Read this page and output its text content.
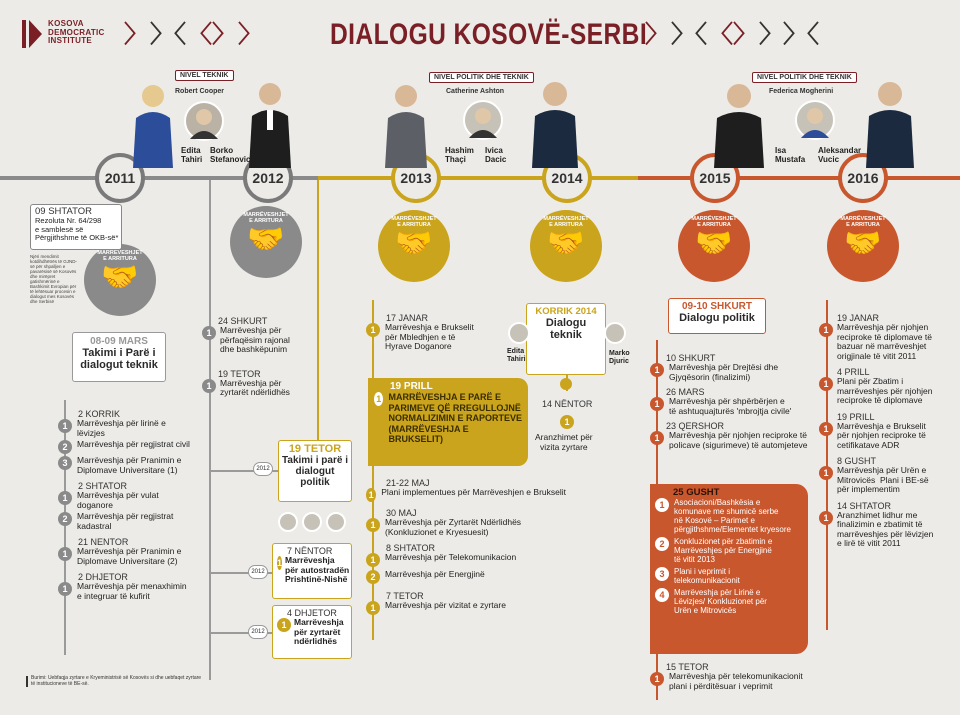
KOSOVA
DEMOCRATIC
INSTITUTE	〉 〉〈 〈〉 〉 DIALOGU KOSOVË-SERBI
〉 〉〈 〈〉 〉 〉〈
2011	2012	2013	2014	2015	2016
NIVEL TEKNIK
Robert Cooper
Edita
Tahiri
Borko
Stefanovic
NIVEL POLITIK DHE TEKNIK
Catherine Ashton
Hashim
Thaçi
Ivica
Dacic
NIVEL POLITIK DHE TEKNIK
Federica Mogherini
Isa
Mustafa
Aleksandar
Vucic
MARRËVESHJET
E ARRITURA
🤝
MARRËVESHJET
E ARRITURA
🤝
MARRËVESHJET
E ARRITURA
🤝
MARRËVESHJET
E ARRITURA
🤝
MARRËVESHJET
E ARRITURA
🤝
MARRËVESHJET
E ARRITURA
🤝
09 SHTATOR
Rezoluta Nr. 64/298
e samblesë së
Përgjithshme të OKB-së*
Njëri mendimit kotdihdhëtrës të GJND-së për shpalljen e pavarësisë së Kosovës dhe mirëpret gatishmërinë e Bashkimit Evropian për të lehtësuar procesin e dialogut mes Kosovës dhe Serbisë
08-09 MARS
Takimi i Parë i
dialogut teknik
2 KORRIK
1	Marrëveshja për lirinë e
lëvizjes
2	Marrëveshja për regjistrat civil
3	Marrëveshja për Pranimin e
Diplomave Universitare (1)
2 SHTATOR
1	Marrëveshja për vulat
doganore
2	Marrëveshja për regjistrat
kadastral
21 NENTOR
1	Marrëveshja për Pranimin e
Diplomave Universitare (2)
2 DHJETOR
1	Marrëveshja për menaxhimin
e integruar të kufirit
Burimi: Uebfaqja zyrtare e Kryeministrisë së Kosovës si dhe uebfaqet zyrtare të institucioneve të BE-së.
24 SHKURT
1	Marrëveshja për
përfaqësim rajonal
dhe bashkëpunim
19 TETOR
1	Marrëveshja për
zyrtarët ndërlidhës
2012
19 TETOR
Takimi i parë i
dialogut
politik
2012
7 NËNTOR
1 Marrëveshja
për autostradën
Prishtinë-Nishë
2012
4 DHJETOR
1 Marrëveshja
për zyrtarët
ndërlidhës
17 JANAR
1	Marrëveshja e Brukselit
për Mbledhjen e të
Hyrave Doganore
19 PRILL
1 MARRËVESHJA E PARË E
PARIMEVE QË RREGULLOJNË
NORMALIZIMIN E RAPORTEVE
(MARRËVESHJA E
BRUKSELIT)
21-22 MAJ
1 Plani implementues për Marrëveshjen e Brukselit
30 MAJ
1	Marrëveshja për Zyrtarët Ndërlidhës
(Konkluzionet e Kryesuesit)
8 SHTATOR
1	Marrëveshja për Telekomunikacion
2	Marrëveshja për Energjinë
7 TETOR
1	Marrëveshja për vizitat e zyrtare
KORRIK 2014
Dialogu
teknik
Edita
Tahiri
Marko
Djuric
14 NËNTOR
1
Aranzhimet për
vizita zyrtare
09-10 SHKURT
Dialogu politik
10 SHKURT
1	Marrëveshja për Drejtësi dhe
Gjyqësorin (finalizimi)
26 MARS
1	Marrëveshja për shpërbërjen e
të ashtuquajturës 'mbrojtja civile'
23 QERSHOR
1	Marrëveshja për njohjen reciproke të
policave (sigurimeve) të automjeteve
25 GUSHT
1	Asociacioni/Bashkësia e
komunave me shumicë serbe
në Kosovë – Parimet e
përgjithshme/Elementet kryesore
2	Konkluzionet për zbatimin e
Marrëveshjes për Energjinë
të vitit 2013
3	Plani i veprimit i
telekomunikacionit
4	Marrëveshja për Lirinë e
Lëvizjes/ Konkluzionet për
Urën e Mitrovicës
15 TETOR
1	Marrëveshja për telekomunikacionit
plani i përditësuar i veprimit
19 JANAR
1	Marrëveshja për njohjen
reciproke të diplomave të
bazuar në marrëveshjet
origjinale të vitit 2011
4 PRILL
1	Plani për Zbatim i
marrëveshjes për njohjen
reciproke të diplomave
19 PRILL
1	Marrëveshja e Brukselit
për njohjen reciproke të
cetifikatave ADR
8 GUSHT
1	Marrëveshja për Urën e
Mitrovicës  Plani i BE-së
për implementim
14 SHTATOR
1	Aranzhimet lidhur me
finalizimin e zbatimit të
marrëveshjes për lëvizjen
e lirë të vitit 2011
